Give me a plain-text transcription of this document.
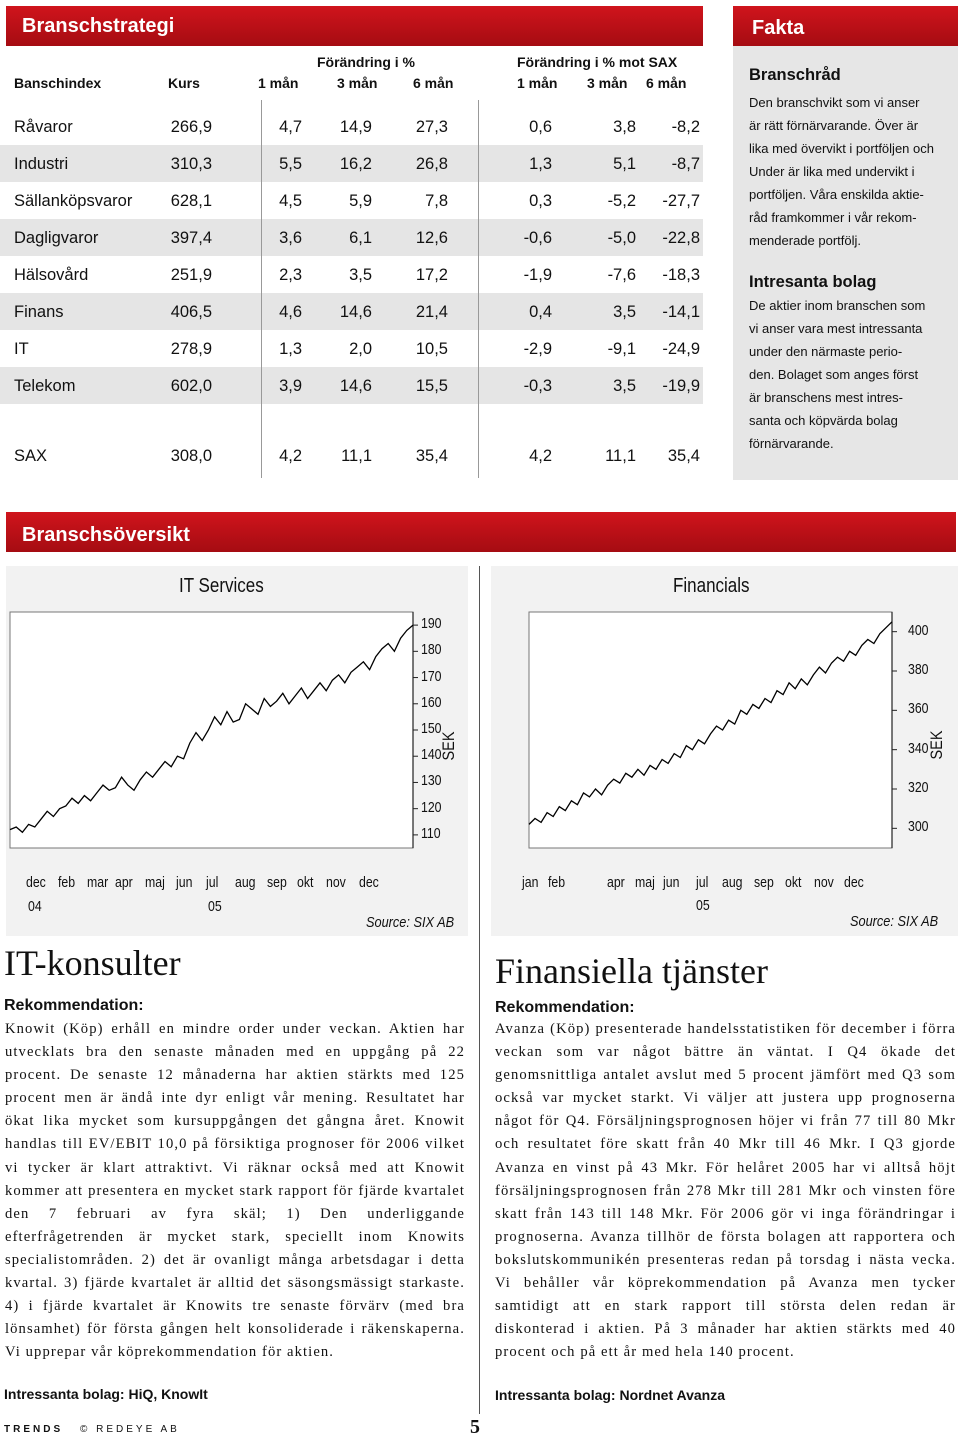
Branschstrategi
Förändring i %	Förändring i % mot SAX
Banschindex	Kurs	1 mån	3 mån	6 mån	1 mån 3 mån 6 mån
Råvaror	266,9	4,7	14,9	27,3	0,6	3,8	-8,2
Industri	310,3	5,5	16,2	26,8	1,3	5,1	-8,7
Sällanköpsvaror	628,1	4,5	5,9	7,8	0,3	-5,2	-27,7
Dagligvaror	397,4	3,6	6,1	12,6	-0,6	-5,0	-22,8
Hälsovård	251,9	2,3	3,5	17,2	-1,9	-7,6	-18,3
Finans	406,5	4,6	14,6	21,4	0,4	3,5	-14,1
IT	278,9	1,3	2,0	10,5	-2,9	-9,1	-24,9
Telekom	602,0	3,9	14,6	15,5	-0,3	3,5	-19,9
SAX	308,0	4,2	11,1	35,4	4,2	11,1	35,4
Fakta
Branschråd

Den branschvikt som vi anser

är rätt förnärvarande. Över är

lika med övervikt i portföljen och

Under är lika med undervikt i

portföljen. Våra enskilda aktie-

råd framkommer i vår rekom-

menderade portfölj.

Intresanta bolag

De aktier inom branschen som

vi anser vara mest intressanta

under den närmaste perio-

den. Bolaget som anges först

är branschens mest intres-

santa och köpvärda bolag

förnärvarande.

Branschsöversikt
IT Services
190
180
170
160
150
140
130
120
110
dec feb mar apr maj jun jul aug sep okt nov dec
04	05
SEK
Source: SIX AB
Financials
400
380
360
340
320
300
jan feb	apr maj jun jul aug sep okt nov dec
05
SEK
Source: SIX AB
IT-konsulter
Rekommendation:

Knowit (Köp) erhåll en mindre order under veckan. Aktien har utvecklats bra den senaste månaden med en uppgång på 22 procent. De senaste 12 månaderna har aktien stärkts med 125 procent men är ändå inte dyr enligt vår mening. Resultatet har ökat lika mycket som kursuppgången det gångna året. Knowit handlas till EV/EBIT 10,0 på försiktiga prognoser för 2006 vilket vi tycker är klart attraktivt. Vi räknar också med att Knowit kommer att presentera en mycket stark rapport för fjärde kvartalet den 7 februari av fyra skäl; 1) Den underliggande efterfrågetrenden är mycket stark, speciellt inom Knowits specialistområden. 2) det är ovanligt många arbetsdagar i detta kvartal. 3) fjärde kvartalet är alltid det säsongsmässigt starkaste. 4) i fjärde kvartalet är Knowits tre senaste förvärv (med bra lönsamhet) för första gången helt konsoliderade i räkenskaperna. Vi upprepar vår köprekommendation för aktien.

Intressanta bolag: HiQ, KnowIt
Finansiella tjänster
Rekommendation:

Avanza (Köp) presenterade handelsstatistiken för december i förra veckan som var något bättre än väntat. I Q4 ökade det genomsnittliga antalet avslut med 5 procent jämfört med Q3 som också var mycket starkt. Vi väljer att justera upp prognoserna något för Q4. Försäljningsprognosen höjer vi från 77 till 80 Mkr och resultatet före skatt från 40 Mkr till 46 Mkr. I Q3 gjorde Avanza en vinst på 43 Mkr. För helåret 2005 har vi alltså höjt försäljningsprognosen från 278 Mkr till 281 Mkr och vinsten före skatt från 143 till 148 Mkr. För 2006 gör vi inga förändringar i prognoserna. Avanza tillhör de första bolagen att rapportera och bokslutskommunikén presenteras redan på torsdag i nästa vecka. Vi behåller vår köprekommendation på Avanza men tycker samtidigt att en stark rapport till största delen redan är diskonterad i aktien. På 3 månader har aktien stärkts med 40 procent och på ett år med hela 140 procent.

Intressanta bolag: Nordnet Avanza
TRENDS © REDEYE AB	5
